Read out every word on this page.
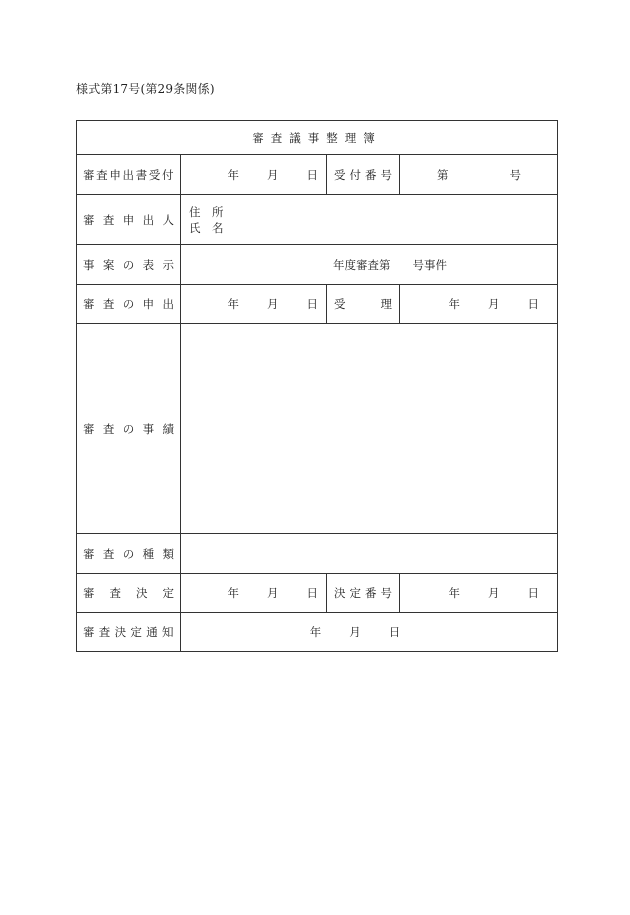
様式第17号(第29条関係)
審査議事整理簿			
審査申出書受付	年 月 日	受付番号	第 号

審査申出人	住 所
氏 名		

事案の表示	年度審査第 号事件		
審査の申出	年 月 日	受 理	年 月 日

審査の事績			
審査の種類			
審査決定	年 月 日	決定番号	年 月 日

審査決定通知	年 月 日		
